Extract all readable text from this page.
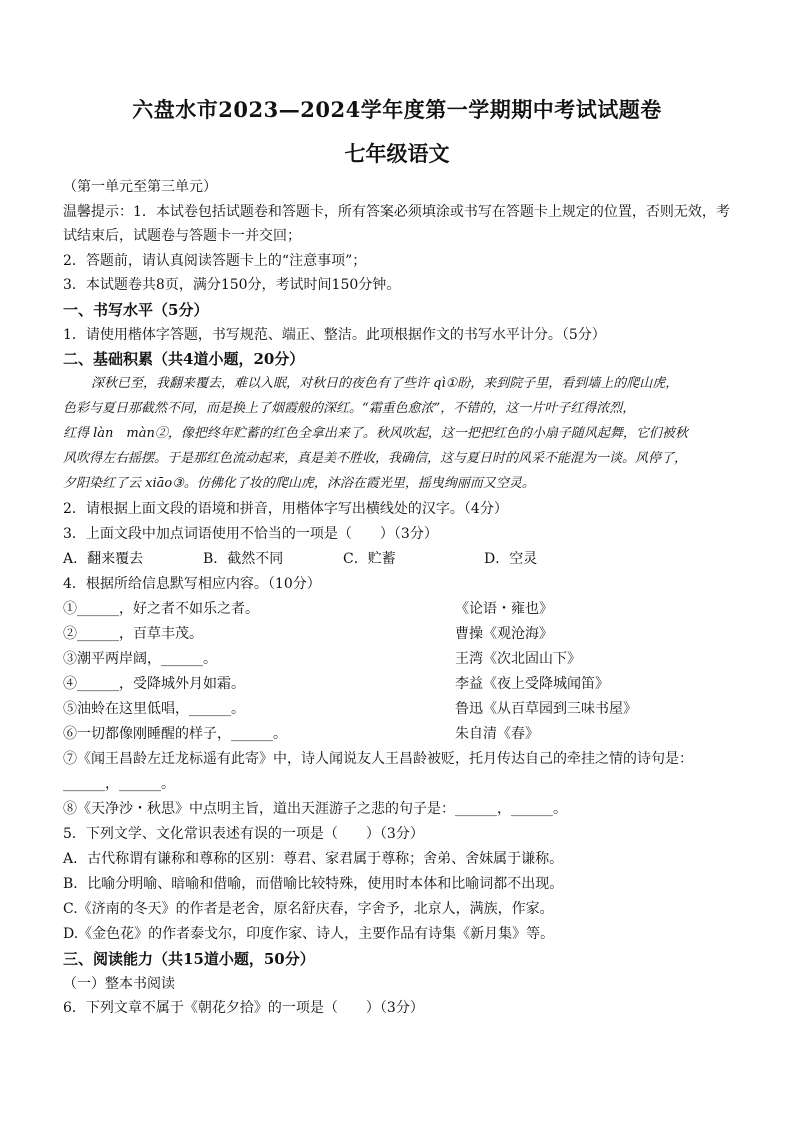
六盘水市2023—2024学年度第一学期期中考试试题卷
七年级语文
（第一单元至第三单元）
温馨提示：1．本试卷包括试题卷和答题卡，所有答案必须填涂或书写在答题卡上规定的位置，否则无效，考
试结束后，试题卷与答题卡一并交回；
2．答题前，请认真阅读答题卡上的“注意事项”；
3．本试题卷共8页，满分150分，考试时间150分钟。
一、书写水平（5分）
1．请使用楷体字答题，书写规范、端正、整洁。此项根据作文的书写水平计分。（5分）
二、基础积累（共4道小题，20分）
深秋已至，我翻来覆去，难以入眠，对秋日的夜色有了些许 qì①盼，来到院子里，看到墙上的爬山虎，
色彩与夏日那截然不同，而是换上了烟霞般的深红。“霜重色愈浓”，不错的，这一片叶子红得浓烈，
红得 làn　màn②，像把终年贮蓄的红色全拿出来了。秋风吹起，这一把把红色的小扇子随风起舞，它们被秋
风吹得左右摇摆。于是那红色流动起来，真是美不胜收，我确信，这与夏日时的风采不能混为一谈。风停了，
夕阳染红了云 xiāo③。仿佛化了妆的爬山虎，沐浴在霞光里，摇曳绚丽而又空灵。
2．请根据上面文段的语境和拼音，用楷体字写出横线处的汉字。（4分）
3．上面文段中加点词语使用不恰当的一项是（　　）（3分）
A．翻来覆去	B．截然不同	C．贮蓄	D．空灵
4．根据所给信息默写相应内容。（10分）
①______，好之者不如乐之者。	《论语・雍也》
②______，百草丰茂。	曹操《观沧海》
③潮平两岸阔，______。	王湾《次北固山下》
④______，受降城外月如霜。	李益《夜上受降城闻笛》
⑤油蛉在这里低唱，______。	鲁迅《从百草园到三味书屋》
⑥一切都像刚睡醒的样子，______。	朱自清《春》
⑦《闻王昌龄左迁龙标遥有此寄》中，诗人闻说友人王昌龄被贬，托月传达自己的牵挂之情的诗句是：
______，______。
⑧《天净沙・秋思》中点明主旨，道出天涯游子之悲的句子是：______，______。
5．下列文学、文化常识表述有误的一项是（　　）（3分）
A．古代称谓有谦称和尊称的区别：尊君、家君属于尊称；舍弟、舍妹属于谦称。
B．比喻分明喻、暗喻和借喻，而借喻比较特殊，使用时本体和比喻词都不出现。
C.《济南的冬天》的作者是老舍，原名舒庆春，字舍予，北京人，满族，作家。
D.《金色花》的作者泰戈尔，印度作家、诗人，主要作品有诗集《新月集》等。
三、阅读能力（共15道小题，50分）
（一）整本书阅读
6．下列文章不属于《朝花夕拾》的一项是（　　）（3分）
